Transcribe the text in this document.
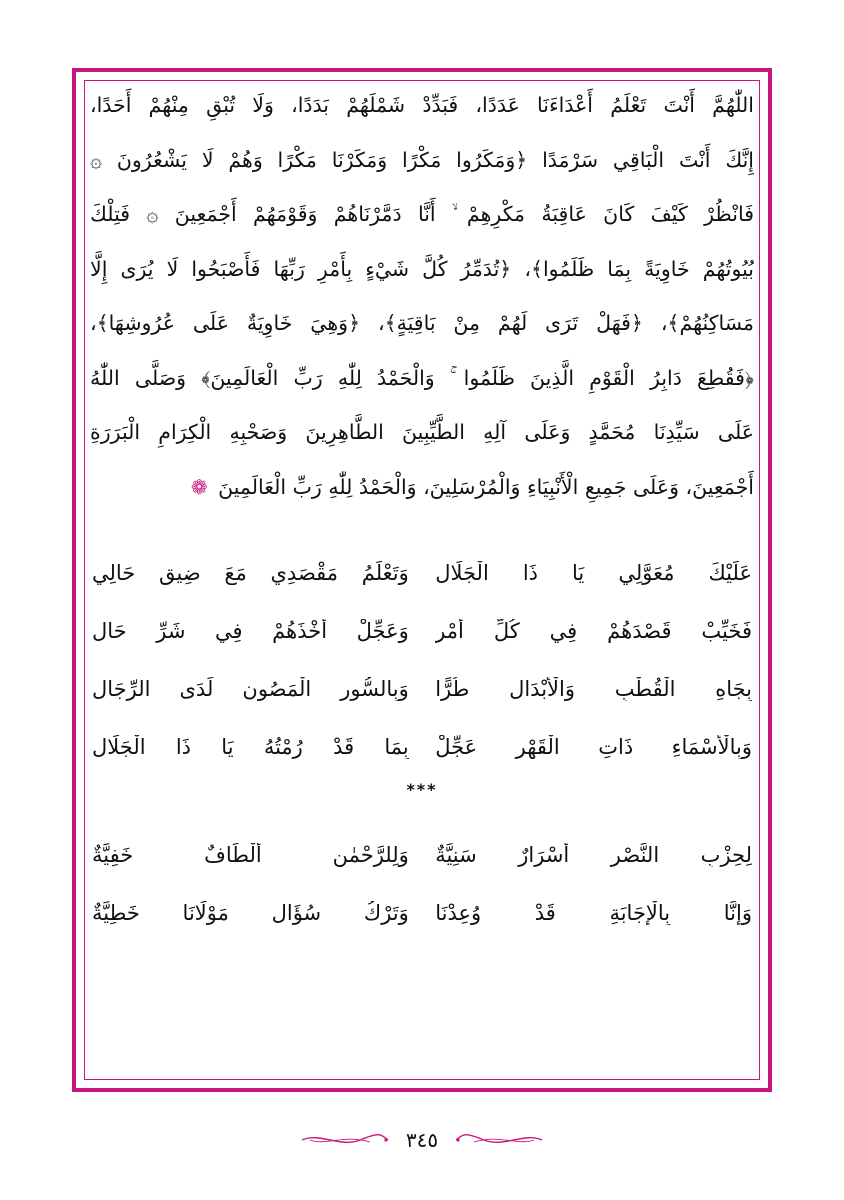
اللّٰهُمَّ أَنْتَ تَعْلَمُ أَعْدَاءَنَا عَدَدًا، فَبَدِّدْ شَمْلَهُمْ بَدَدًا، وَلَا تُبْقِ مِنْهُمْ أَحَدًا،
إِنَّكَ أَنْتَ الْبَاقِي سَرْمَدًا ﴿وَمَكَرُوا مَكْرًا وَمَكَرْنَا مَكْرًا وَهُمْ لَا يَشْعُرُونَ ۞
فَانْظُرْ كَيْفَ كَانَ عَاقِبَةُ مَكْرِهِمْ ۙ أَنَّا دَمَّرْنَاهُمْ وَقَوْمَهُمْ أَجْمَعِينَ ۞ فَتِلْكَ
بُيُوتُهُمْ خَاوِيَةً بِمَا ظَلَمُوا﴾، ﴿تُدَمِّرُ كُلَّ شَيْءٍ بِأَمْرِ رَبِّهَا فَأَصْبَحُوا لَا يُرَى إِلَّا
مَسَاكِنُهُمْ﴾، ﴿فَهَلْ تَرَى لَهُمْ مِنْ بَاقِيَةٍ﴾، ﴿وَهِيَ خَاوِيَةٌ عَلَى عُرُوشِهَا﴾،
﴿فَقُطِعَ دَابِرُ الْقَوْمِ الَّذِينَ ظَلَمُوا ۚ وَالْحَمْدُ لِلّٰهِ رَبِّ الْعَالَمِينَ﴾ وَصَلَّى اللّٰهُ
عَلَى سَيِّدِنَا مُحَمَّدٍ وَعَلَى آلِهِ الطَّيِّبِينَ الطَّاهِرِينَ وَصَحْبِهِ الْكِرَامِ الْبَرَرَةِ
أَجْمَعِينَ، وَعَلَى جَمِيعِ الْأَنْبِيَاءِ وَالْمُرْسَلِينَ، وَالْحَمْدُ لِلّٰهِ رَبِّ الْعَالَمِينَ ❁
عَلَيْكَ مُعَوَّلِي يَا ذَا الْجَلَالِ
وَتَعْلَمُ مَقْصَدِي مَعَ ضِيقِ حَالِي
فَخَيِّبْ قَصْدَهُمْ فِي كُلِّ أَمْرٍ
وَعَجِّلْ أَخْذَهُمْ فِي شَرِّ حَالِ
بِجَاهِ الْقُطْبِ وَالْأَبْدَالِ طُرًّا
وَبِالسُّورِ الْمَصُونِ لَدَى الرِّجَالِ
وَبِالْأَسْمَاءِ ذَاتِ الْقَهْرِ عَجِّلْ
بِمَا قَدْ رُمْتُهُ يَا ذَا الْجَلَالِ
***
لِحِزْبِ النَّصْرِ أَسْرَارٌ سَنِيَّةٌ
وَلِلرَّحْمٰنِ أَلْطَافٌ خَفِيَّةٌ
وَإِنَّا بِالْإِجَابَةِ قَدْ وُعِدْنَا
وَتَرْكُ سُؤَالِ مَوْلَانَا خَطِيَّةٌ
٣٤٥
